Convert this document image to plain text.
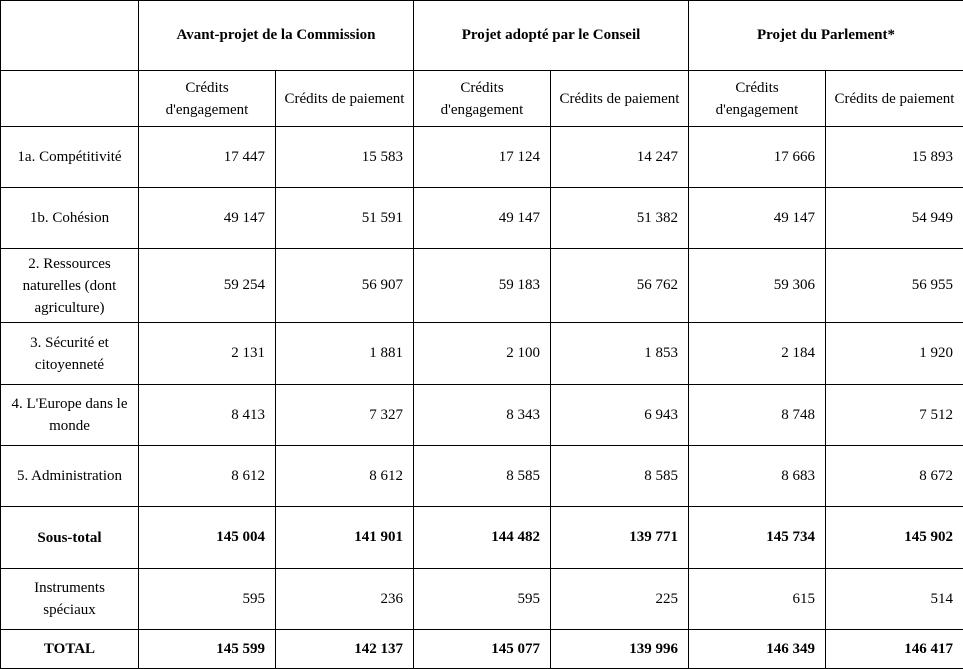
	Avant-projet de la Commission		Projet adopté par le Conseil		Projet du Parlement*	
	Crédits d'engagement	Crédits de paiement	Crédits d'engagement	Crédits de paiement	Crédits d'engagement	Crédits de paiement
1a. Compétitivité	17 447	15 583	17 124	14 247	17 666	15 893
1b. Cohésion	49 147	51 591	49 147	51 382	49 147	54 949
2. Ressources naturelles (dont agriculture)	59 254	56 907	59 183	56 762	59 306	56 955
3. Sécurité et citoyenneté	2 131	1 881	2 100	1 853	2 184	1 920
4. L'Europe dans le monde	8 413	7 327	8 343	6 943	8 748	7 512
5. Administration	8 612	8 612	8 585	8 585	8 683	8 672
Sous-total	145 004	141 901	144 482	139 771	145 734	145 902
Instruments spéciaux	595	236	595	225	615	514
TOTAL	145 599	142 137	145 077	139 996	146 349	146 417
